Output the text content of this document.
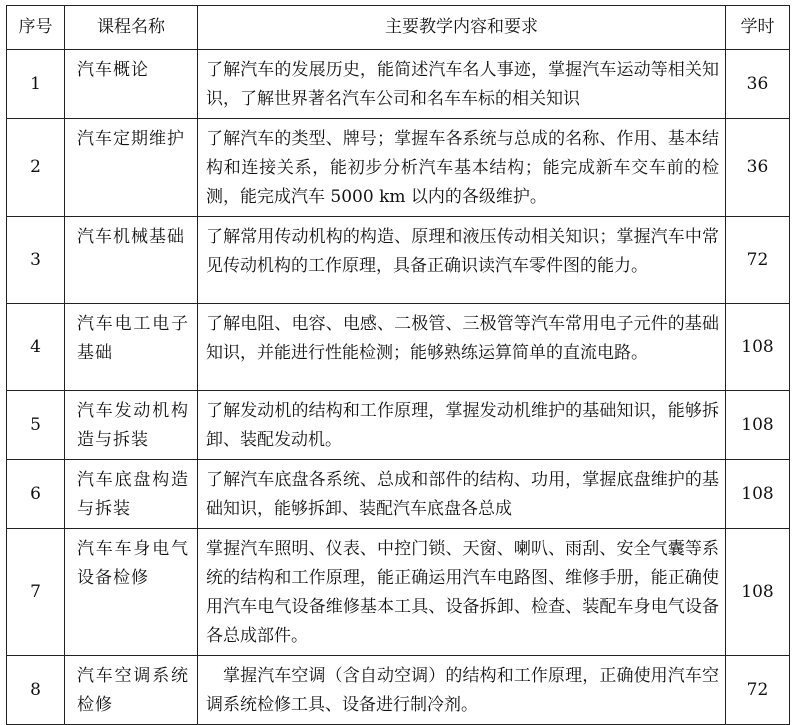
序号	课程名称	主要教学内容和要求	学时
1	汽车概论	了解汽车的发展历史，能简述汽车名人事迹，掌握汽车运动等相关知识，了解世界著名汽车公司和名车车标的相关知识	36
2	汽车定期维护	了解汽车的类型、牌号；掌握车各系统与总成的名称、作用、基本结构和连接关系，能初步分析汽车基本结构；能完成新车交车前的检测，能完成汽车 5000 km 以内的各级维护。	36
3	汽车机械基础	了解常用传动机构的构造、原理和液压传动相关知识；掌握汽车中常见传动机构的工作原理，具备正确识读汽车零件图的能力。	72
4	汽车电工电子基础	了解电阻、电容、电感、二极管、三极管等汽车常用电子元件的基础知识，并能进行性能检测；能够熟练运算简单的直流电路。	108
5	汽车发动机构造与拆装	了解发动机的结构和工作原理，掌握发动机维护的基础知识，能够拆卸、装配发动机。	108
6	汽车底盘构造与拆装	了解汽车底盘各系统、总成和部件的结构、功用，掌握底盘维护的基础知识，能够拆卸、装配汽车底盘各总成	108
7	汽车车身电气设备检修	掌握汽车照明、仪表、中控门锁、天窗、喇叭、雨刮、安全气囊等系统的结构和工作原理，能正确运用汽车电路图、维修手册，能正确使用汽车电气设备维修基本工具、设备拆卸、检查、装配车身电气设备各总成部件。	108
8	汽车空调系统检修	掌握汽车空调（含自动空调）的结构和工作原理，正确使用汽车空调系统检修工具、设备进行制冷剂。	72
